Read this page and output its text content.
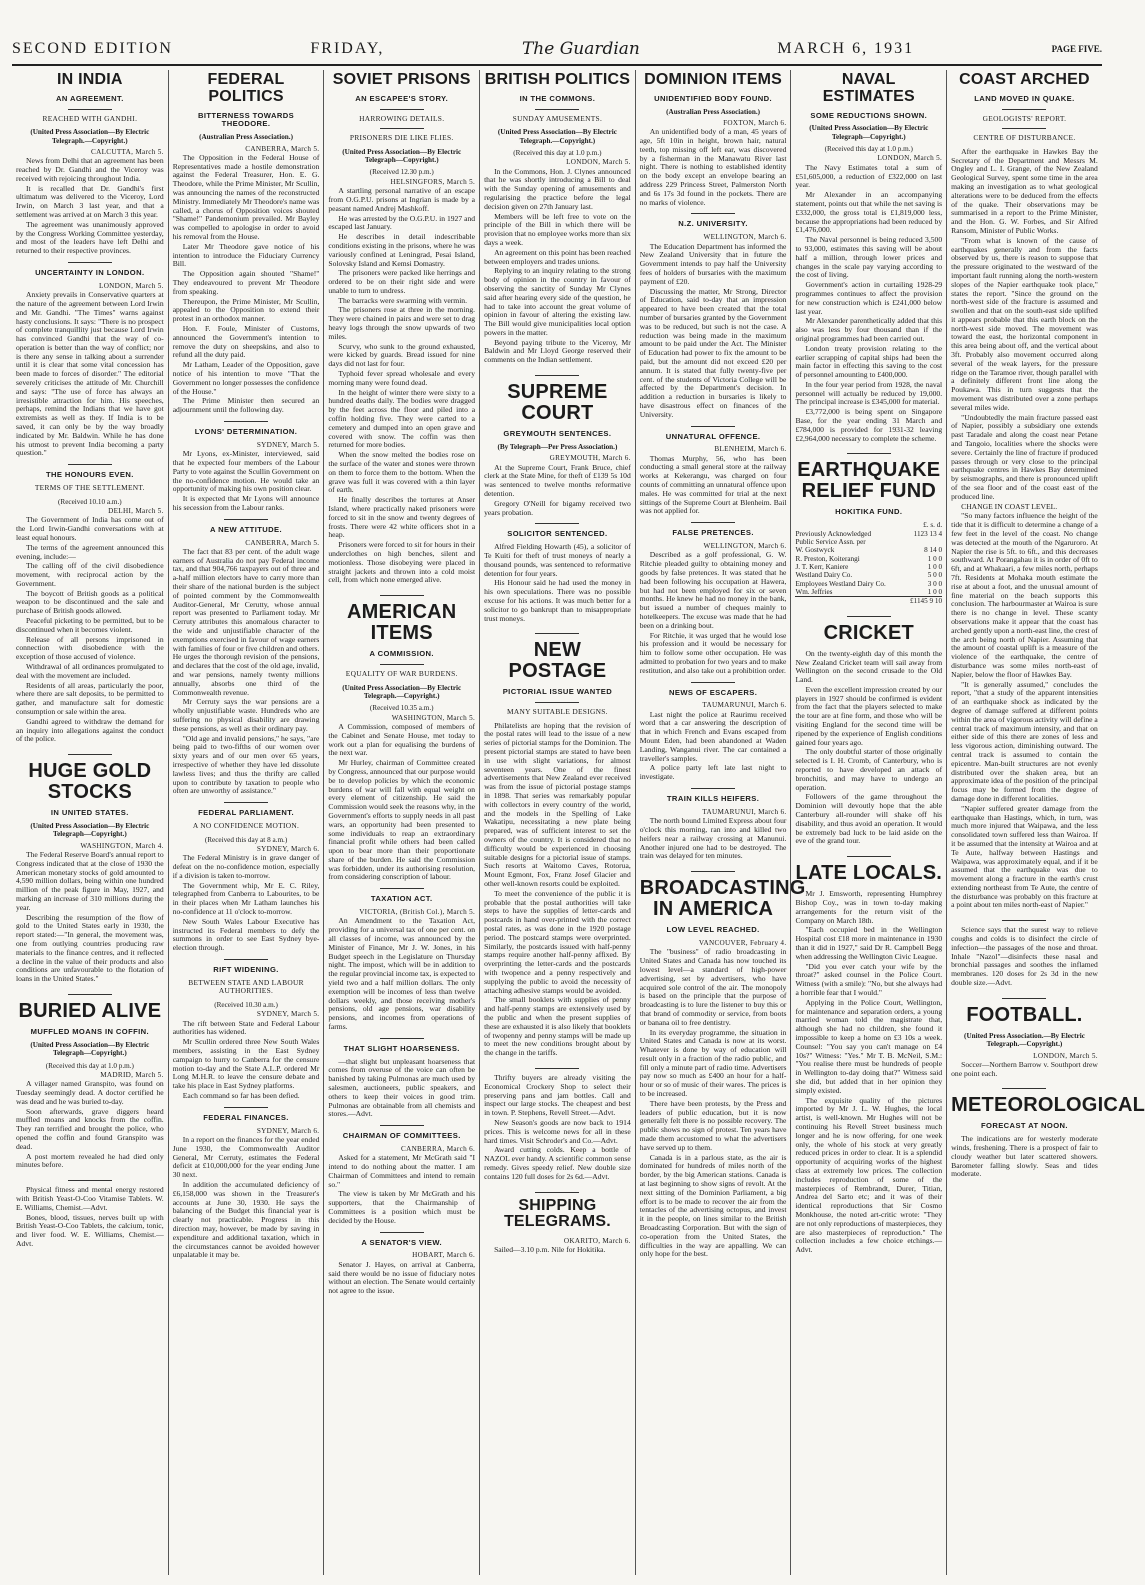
SECOND EDITION	FRIDAY,	The Guardian	MARCH 6, 1931	PAGE FIVE.
IN INDIA
AN AGREEMENT.
REACHED WITH GANDHI.
(United Press Association—By Electric Telegraph.—Copyright.)
CALCUTTA, March 5.

News from Delhi that an agreement has been reached by Dr. Gandhi and the Viceroy was received with rejoicing throughout India.

It is recalled that Dr. Gandhi's first ultimatum was delivered to the Viceroy, Lord Irwin, on March 3 last year, and that a settlement was arrived at on March 3 this year.

The agreement was unanimously approved by the Congress Working Committee yesterday, and most of the leaders have left Delhi and returned to their respective provinces.

UNCERTAINTY IN LONDON.
LONDON, March 5.

Anxiety prevails in Conservative quarters at the nature of the agreement between Lord Irwin and Mr. Gandhi. "The Times" warns against hasty conclusions. It says: "There is no prospect of complete tranquillity just because Lord Irwin has convinced Gandhi that the way of co-operation is better than the way of conflict; nor is there any sense in talking about a surrender until it is clear that some vital concession has been made to forces of disorder." The editorial severely criticises the attitude of Mr. Churchill and says: "The use of force has always an irresistible attraction for him. His speeches, perhaps, remind the Indians that we have got extremists as well as they. If India is to be saved, it can only be by the way broadly indicated by Mr. Baldwin. While he has done his utmost to prevent India becoming a party question."

THE HONOURS EVEN.
TERMS OF THE SETTLEMENT.
(Received 10.10 a.m.)
DELHI, March 5.

The Government of India has come out of the Lord Irwin-Gandhi conversations with at least equal honours.

The terms of the agreement announced this evening, include:—

The calling off of the civil disobedience movement, with reciprocal action by the Government.

The boycott of British goods as a political weapon to be discontinued and the sale and purchase of British goods allowed.

Peaceful picketing to be permitted, but to be discontinued when it becomes violent.

Release of all persons imprisoned in connection with disobedience with the exception of those accused of violence.

Withdrawal of all ordinances promulgated to deal with the movement are included.

Residents of all areas, particularly the poor, where there are salt deposits, to be permitted to gather, and manufacture salt for domestic consumption or sale within the area.

Gandhi agreed to withdraw the demand for an inquiry into allegations against the conduct of the police.

HUGE GOLD STOCKS
IN UNITED STATES.
(United Press Association—By Electric Telegraph—Copyright.)
WASHINGTON, March 4.

The Federal Reserve Board's annual report to Congress indicated that at the close of 1930 the American monetary stocks of gold amounted to 4,590 million dollars, being within one hundred million of the peak figure in May, 1927, and marking an increase of 310 millions during the year.

Describing the resumption of the flow of gold to the United States early in 1930, the report stated:—"In general, the movement was, one from outlying countries producing raw materials to the finance centres, and it reflected a decline in the value of their products and also conditions are unfavourable to the flotation of loans in the United States."

BURIED ALIVE
MUFFLED MOANS IN COFFIN.
(United Press Association—By Electric Telegraph—Copyright.)
(Received this day at 1.0 p.m.)
MADRID, March 5.

A villager named Granspito, was found on Tuesday seemingly dead. A doctor certified he was dead and he was buried to-day.

Soon afterwards, grave diggers heard muffled moans and knocks from the coffin. They ran terrified and brought the police, who opened the coffin and found Granspito was dead.

A post mortem revealed he had died only minutes before.

Physical fitness and mental energy restored with British Yeast-O-Coo Vitamise Tablets. W. E. Williams, Chemist.—Advt.

Bones, blood, tissues, nerves built up with British Yeast-O-Coo Tablets, the calcium, tonic, and liver food. W. E. Williams, Chemist.—Advt.

FEDERAL POLITICS
BITTERNESS TOWARDS THEODORE.
(Australian Press Association.)
CANBERRA, March 5.

The Opposition in the Federal House of Representatives made a hostile demonstration against the Federal Treasurer, Hon. E. G. Theodore, while the Prime Minister, Mr Scullin, was announcing the names of the reconstructed Ministry. Immediately Mr Theodore's name was called, a chorus of Opposition voices shouted "Shame!" Pandemonium prevailed. Mr Bayley was compelled to apologise in order to avoid his removal from the House.

Later Mr Theodore gave notice of his intention to introduce the Fiduciary Currency Bill.

The Opposition again shouted "Shame!" They endeavoured to prevent Mr Theodore from speaking.

Thereupon, the Prime Minister, Mr Scullin, appealed to the Opposition to extend their protest in an orthodox manner.

Hon. F. Foule, Minister of Customs, announced the Government's intention to remove the duty on sheepskins, and also to refund all the duty paid.

Mr Latham, Leader of the Opposition, gave notice of his intention to move "That the Government no longer possesses the confidence of the House."

The Prime Minister then secured an adjournment until the following day.

LYONS' DETERMINATION.
SYDNEY, March 5.

Mr Lyons, ex-Minister, interviewed, said that he expected four members of the Labour Party to vote against the Scullin Government on the no-confidence motion. He would take an opportunity of making his own position clear.

It is expected that Mr Lyons will announce his secession from the Labour ranks.

A NEW ATTITUDE.
CANBERRA, March 5.

The fact that 83 per cent. of the adult wage earners of Australia do not pay Federal income tax, and that 904,766 taxpayers out of three and a-half million electors have to carry more than their share of the national burden is the subject of pointed comment by the Commonwealth Auditor-General, Mr Cerutty, whose annual report was presented to Parliament today. Mr Cerruty attributes this anomalous character to the wide and unjustifiable character of the exemptions exercised in favour of wage earners with families of four or five children and others. He urges the thorough revision of the pensions, and declares that the cost of the old age, invalid, and war pensions, namely twenty millions annually, absorbs one third of the Commonwealth revenue.

Mr Cerruty says the war pensions are a wholly unjustifiable waste. Hundreds who are suffering no physical disability are drawing these pensions, as well as their ordinary pay.

"Old age and invalid pensions," he says, "are being paid to two-fifths of our women over sixty years and of our men over 65 years, irrespective of whether they have led dissolute lawless lives; and thus the thrifty are called upon to contribute by taxation to people who often are unworthy of assistance."

FEDERAL PARLIAMENT.
A NO CONFIDENCE MOTION.
(Received this day at 8 a.m.)
SYDNEY, March 6.

The Federal Ministry is in grave danger of defeat on the no-confidence motion, especially if a division is taken to-morrow.

The Government whip, Mr E. C. Riley, telegraphed from Canberra to Labourites, to be in their places when Mr Latham launches his no-confidence at 11 o'clock to-morrow.

New South Wales Labour Executive has instructed its Federal members to defy the summons in order to see East Sydney bye-election through.

RIFT WIDENING.
BETWEEN STATE AND LABOUR AUTHORITIES.
(Received 10.30 a.m.)
SYDNEY, March 5.

The rift between State and Federal Labour authorities has widened.

Mr Scullin ordered three New South Wales members, assisting in the East Sydney campaign to hurry to Canberra for the censure motion to-day and the State A.L.P. ordered Mr Long M.H.R. to leave the censure debate and take his place in East Sydney platforms.

Each command so far has been defied.

FEDERAL FINANCES.
SYDNEY, March 6.

In a report on the finances for the year ended June 1930, the Commonwealth Auditor General, Mr Cerruty, estimates the Federal deficit at £10,000,000 for the year ending June 30 next.

In addition the accumulated deficiency of £6,158,000 was shown in the Treasurer's accounts at June 30, 1930. He says the balancing of the Budget this financial year is clearly not practicable. Progress in this direction may, however, be made by saving in expenditure and additional taxation, which in the circumstances cannot be avoided however unpalatable it may be.

SOVIET PRISONS
AN ESCAPEE'S STORY.
HARROWING DETAILS.
PRISONERS DIE LIKE FLIES.
(United Press Association—By Electric Telegraph—Copyright.)
(Received 12.30 p.m.)
HELSINGFORS, March 5.

A startling personal narrative of an escape from O.G.P.U. prisons at Ingrian is made by a peasant named Andrej Mashkoff.

He was arrested by the O.G.P.U. in 1927 and escaped last January.

He describes in detail indescribable conditions existing in the prisons, where he was variously confined at Leningrad, Pesai Island, Solovsky Island and Kemsi Domastry.

The prisoners were packed like herrings and ordered to be on their right side and were unable to turn to undress.

The barracks were swarming with vermin.

The prisoners rose at three in the morning. They were chained in pairs and were set to drag heavy logs through the snow upwards of two miles.

Scurvy, who sunk to the ground exhausted, were kicked by guards. Bread issued for nine days did not last for four.

Typhoid fever spread wholesale and every morning many were found dead.

In the height of winter there were sixty to a hundred deaths daily. The bodies were dragged by the feet across the floor and piled into a coffin holding five. They were carted to a cemetery and dumped into an open grave and covered with snow. The coffin was then returned for more bodies.

When the snow melted the bodies rose on the surface of the water and stones were thrown on them to force them to the bottom. When the grave was full it was covered with a thin layer of earth.

He finally describes the tortures at Anser Island, where practically naked prisoners were forced to sit in the snow and twenty degrees of frosts. There were 42 white officers shot in a heap.

Prisoners were forced to sit for hours in their underclothes on high benches, silent and motionless. Those disobeying were placed in straight jackets and thrown into a cold moist cell, from which none emerged alive.

AMERICAN ITEMS
A COMMISSION.
EQUALITY OF WAR BURDENS.
(United Press Association—By Electric Telegraph.—Copyright.)
(Received 10.35 a.m.)
WASHINGTON, March 5.

A Commission, composed of members of the Cabinet and Senate House, met today to work out a plan for equalising the burdens of the next war.

Mr Hurley, chairman of Committee created by Congress, announced that our purpose would be to develop policies by which the economic burdens of war will fall with equal weight on every element of citizenship. He said the Commission would seek the reasons why, in the Government's efforts to supply needs in all past wars, an opportunity had been presented to some individuals to reap an extraordinary financial profit while others had been called upon to bear more than their proportionate share of the burden. He said the Commission was forbidden, under its authorising resolution, from considering conscription of labour.

TAXATION ACT.
VICTORIA, (British Col.), March 5.

An Amendment to the Taxation Act, providing for a universal tax of one per cent. on all classes of income, was announced by the Minister of Finance, Mr J. W. Jones, in his Budget speech in the Legislature on Thursday night. The impost, which will be in addition to the regular provincial income tax, is expected to yield two and a half million dollars. The only exemption will be incomes of less than twelve dollars weekly, and those receiving mother's pensions, old age pensions, war disability pensions, and incomes from operations of farms.

THAT SLIGHT HOARSENESS.

—that slight but unpleasant hoarseness that comes from overuse of the voice can often be banished by taking Pulmonas are much used by salesmen, auctioneers, public speakers, and others to keep their voices in good trim. Pulmonas are obtainable from all chemists and stores.—Advt.

CHAIRMAN OF COMMITTEES.
CANBERRA, March 6.

Asked for a statement, Mr McGrath said "I intend to do nothing about the matter. I am Chairman of Committees and intend to remain so."

The view is taken by Mr McGrath and his supporters, that the Chairmanship of Committees is a position which must be decided by the House.

A SENATOR'S VIEW.
HOBART, March 6.

Senator J. Hayes, on arrival at Canberra, said there would be no issue of fiduciary notes without an election. The Senate would certainly not agree to the issue.

BRITISH POLITICS
IN THE COMMONS.
SUNDAY AMUSEMENTS.
(United Press Association—By Electric Telegraph.—Copyright.)
(Received this day at 1.0 p.m.)
LONDON, March 5.

In the Commons, Hon. J. Clynes announced that he was shortly introducing a Bill to deal with the Sunday opening of amusements and regularising the practice before the legal decision given on 27th January last.

Members will be left free to vote on the principle of the Bill in which there will be provision that no employee works more than six days a week.

An agreement on this point has been reached between employers and trades unions.

Replying to an inquiry relating to the strong body of opinion in the country in favour of observing the sanctity of Sunday Mr Clynes said after hearing every side of the question, he had to take into account the great volume of opinion in favour of altering the existing law. The Bill would give municipalities local option powers in the matter.

Beyond paying tribute to the Viceroy, Mr Baldwin and Mr Lloyd George reserved their comments on the Indian settlement.

SUPREME COURT
GREYMOUTH SENTENCES.
(By Telegraph—Per Press Association.)
GREYMOUTH, March 6.

At the Supreme Court, Frank Bruce, chief clerk at the State Mine, for theft of £139 5s 10d was sentenced to twelve months reformative detention.

Gregory O'Neill for bigamy received two years probation.

SOLICITOR SENTENCED.

Alfred Fielding Howarth (45), a solicitor of Te Kuiti for theft of trust moneys of nearly a thousand pounds, was sentenced to reformative detention for four years.

His Honour said he had used the money in his own speculations. There was no possible excuse for his actions. It was much better for a solicitor to go bankrupt than to misappropriate trust moneys.

NEW POSTAGE
PICTORIAL ISSUE WANTED
MANY SUITABLE DESIGNS.

Philatelists are hoping that the revision of the postal rates will lead to the issue of a new series of pictorial stamps for the Dominion. The present pictorial stamps are stated to have been in use with slight variations, for almost seventeen years. One of the finest advertisements that New Zealand ever received was from the issue of pictorial postage stamps in 1898. That series was remarkably popular with collectors in every country of the world, and the models in the Spelling of Lake Wakatipu, necessitating a new plate being prepared, was of sufficient interest to set the owners of the country. It is considered that no difficulty would be experienced in choosing suitable designs for a pictorial issue of stamps. Such resorts at Waitomo Caves, Rotorua, Mount Egmont, Fox, Franz Josef Glacier and other well-known resorts could be exploited.

To meet the convenience of the public it is probable that the postal authorities will take steps to have the supplies of letter-cards and postcards in hand over-printed with the correct postal rates, as was done in the 1920 postage period. The postcard stamps were overprinted. Similarly, the postcards issued with half-penny stamps require another half-penny affixed. By overprinting the letter-cards and the postcards with twopence and a penny respectively and supplying the public to avoid the necessity of attaching adhesive stamps would be avoided.

The small booklets with supplies of penny and half-penny stamps are extensively used by the public and when the present supplies of these are exhausted it is also likely that booklets of twopenny and penny stamps will be made up to meet the new conditions brought about by the change in the tariffs.

Thrifty buyers are already visiting the Economical Crockery Shop to select their preserving pans and jam bottles. Call and inspect our large stocks. The cheapest and best in town. P. Stephens, Revell Street.—Advt.

New Season's goods are now back to 1914 prices. This is welcome news for all in these hard times. Visit Schroder's and Co.—Advt.

Award cutting colds. Keep a bottle of NAZOL ever handy. A scientific common sense remedy. Gives speedy relief. New double size contains 120 full doses for 2s 6d.—Advt.

SHIPPING TELEGRAMS.
OKARITO, March 6.

Sailed—3.10 p.m. Nile for Hokitika.

DOMINION ITEMS
UNIDENTIFIED BODY FOUND.
(Australian Press Association.)
FOXTON, March 6.

An unidentified body of a man, 45 years of age, 5ft 10in in height, brown hair, natural teeth, top missing off left ear, was discovered by a fisherman in the Manawatu River last night. There is nothing to established identity on the body except an envelope bearing an address 229 Princess Street, Palmerston North and 6s 17s 3d found in the pockets. There are no marks of violence.

N.Z. UNIVERSITY.
WELLINGTON, March 6.

The Education Department has informed the New Zealand University that in future the Government intends to pay half the University fees of holders of bursaries with the maximum payment of £20.

Discussing the matter, Mr Strong, Director of Education, said to-day that an impression appeared to have been created that the total number of bursaries granted by the Government was to be reduced, but such is not the case. A reduction was being made in the maximum amount to be paid under the Act. The Minister of Education had power to fix the amount to be paid, but the amount did not exceed £20 per annum. It is stated that fully twenty-five per cent. of the students of Victoria College will be affected by the Department's decision. In addition a reduction in bursaries is likely to have disastrous effect on finances of the University.

UNNATURAL OFFENCE.
BLENHEIM, March 6.

Thomas Murphy, 56, who has been conducting a small general store at the railway works at Kekerangu, was charged on four counts of committing an unnatural offence upon males. He was committed for trial at the next sittings of the Supreme Court at Blenheim. Bail was not applied for.

FALSE PRETENCES.
WELLINGTON, March 6.

Described as a golf professional, G. W. Ritchie pleaded guilty to obtaining money and goods by false pretences. It was stated that he had been following his occupation at Hawera, but had not been employed for six or seven months. He knew he had no money in the bank, but issued a number of cheques mainly to hotelkeepers. The excuse was made that he had been on a drinking bout.

For Ritchie, it was urged that he would lose his profession and it would be necessary for him to follow some other occupation. He was admitted to probation for two years and to make restitution, and also take out a prohibition order.

NEWS OF ESCAPERS.
TAUMARUNUI, March 6.

Last night the police at Raurimu received word that a car answering the description of that in which French and Evans escaped from Mount Eden, had been abandoned at Waden Landing, Wanganui river. The car contained a traveller's samples.

A police party left late last night to investigate.

TRAIN KILLS HEIFERS.
TAUMARUNUI, March 6.

The north bound Limited Express about four o'clock this morning, ran into and killed two heifers near a railway crossing at Manunui. Another injured one had to be destroyed. The train was delayed for ten minutes.

BROADCASTING IN AMERICA
LOW LEVEL REACHED.
VANCOUVER, February 4.

The "business" of radio broadcasting in United States and Canada has now touched its lowest level—a standard of high-power advertising, set by advertisers, who have acquired sole control of the air. The monopoly is based on the principle that the purpose of broadcasting is to lure the listener to buy this or that brand of commodity or service, from boots or banana oil to free dentistry.

In its everyday programme, the situation in United States and Canada is now at its worst. Whatever is done by way of education will result only in a fraction of the radio public, and fill only a minute part of radio time. Advertisers pay now so much as £400 an hour for a half-hour or so of music of their wares. The prices is to be increased.

There have been protests, by the Press and leaders of public education, but it is now generally felt there is no possible recovery. The public shows no sign of protest. Ten years have made them accustomed to what the advertisers have served up to them.

Canada is in a parlous state, as the air is dominated for hundreds of miles north of the border, by the big American stations. Canada is at last beginning to show signs of revolt. At the next sitting of the Dominion Parliament, a big effort is to be made to recover the air from the tentacles of the advertising octopus, and invest it in the people, on lines similar to the British Broadcasting Corporation. But with the sign of co-operation from the United States, the difficulties in the way are appalling. We can only hope for the best.

NAVAL ESTIMATES
SOME REDUCTIONS SHOWN.
(United Press Association—By Electric Telegraph—Copyright.)
(Received this day at 1.0 p.m.)
LONDON, March 5.

The Navy Estimates total a sum of £51,605,000, a reduction of £322,000 on last year.

Mr Alexander in an accompanying statement, points out that while the net saving is £332,000, the gross total is £1,819,000 less, because the appropriations had been reduced by £1,476,000.

The Naval personnel is being reduced 3,500 to 93,000, estimates this saving will be about half a million, through lower prices and changes in the scale pay varying according to the cost of living.

Government's action in curtailing 1928-29 programmes continues to affect the provision for new construction which is £241,000 below last year.

Mr Alexander parenthetically added that this also was less by four thousand than if the original programmes had been carried out.

London treaty provision relating to the earlier scrapping of capital ships had been the main factor in effecting this saving to the cost of personnel amounting to £400,000.

In the four year period from 1928, the naval personnel will actually be reduced by 19,000. The principal increase is £345,000 for material.

£3,772,000 is being spent on Singapore Base, for the year ending 31 March and £784,000 is provided for 1931-32 leaving £2,964,000 necessary to complete the scheme.

EARTHQUAKE RELIEF FUND
HOKITIKA FUND.
	£. s. d.
Previously Acknowledged	1123 13 4
Public Service Assn. per	
W. Gostwyck	8 14 0
R. Preston, Koiterangi	1 0 0
J. T. Kerr, Kaniere	1 0 0
Westland Dairy Co.	5 0 0
Employees Westland Dairy Co.	3 0 0
Wm. Jeffries	1 0 0
	£1145 9 10
CRICKET

On the twenty-eighth day of this month the New Zealand Cricket team will sail away from Wellington on the second crusade to the Old Land.

Even the excellent impression created by our players in 1927 should be confirmed is evident from the fact that the players selected to make the tour are at fine form, and those who will be visiting England for the second time will be ripened by the experience of English conditions gained four years ago.

The only doubtful starter of those originally selected is I. H. Cromb, of Canterbury, who is reported to have developed an attack of bronchitis, and may have to undergo an operation.

Followers of the game throughout the Dominion will devoutly hope that the able Canterbury all-rounder will shake off his disability, and thus avoid an operation. It would be extremely bad luck to be laid aside on the eve of the grand tour.

LATE LOCALS.

Mr J. Emsworth, representing Humphrey Bishop Coy., was in town to-day making arrangements for the return visit of the Company on March 18th.

"Each occupied bed in the Wellington Hospital cost £18 more in maintenance in 1930 than it did in 1927," said Dr R. Campbell Begg when addressing the Wellington Civic League.

"Did you ever catch your wife by the throat?" asked counsel in the Police Court. Witness (with a smile): "No, but she always had a horrible fear that I would."

Applying in the Police Court, Wellington, for maintenance and separation orders, a young married woman told the magistrate that, although she had no children, she found it impossible to keep a home on £3 10s a week. Counsel: "You say you can't manage on £4 10s?" Witness: "Yes." Mr T. B. McNeil, S.M.: "You realise there must be hundreds of people in Wellington to-day doing that?" Witness said she did, but added that in her opinion they simply existed.

The exquisite quality of the pictures imported by Mr J. L. W. Hughes, the local artist, is well-known. Mr Hughes will not be continuing his Revell Street business much longer and he is now offering, for one week only, the whole of his stock at very greatly reduced prices in order to clear. It is a splendid opportunity of acquiring works of the highest class at extremely low prices. The collection includes reproduction of some of the masterpieces of Rembrandt, Durer, Titian, Andrea del Sarto etc; and it was of their identical reproductions that Sir Cosmo Monkhouse, the noted art-critic wrote: "They are not only reproductions of masterpieces, they are also masterpieces of reproduction." The collection includes a few choice etchings.—Advt.

COAST ARCHED
LAND MOVED IN QUAKE.
GEOLOGISTS' REPORT.
CENTRE OF DISTURBANCE.

After the earthquake in Hawkes Bay the Secretary of the Department and Messrs M. Ongley and L. I. Grange, of the New Zealand Geological Survey, spent some time in the area making an investigation as to what geological alterations were to be deduced from the effects of the quake. Their observations may be summarised in a report to the Prime Minister, and the Hon. G. W. Forbes, and Sir Alfred Ransom, Minister of Public Works.

"From what is known of the cause of earthquakes generally and from the facts observed by us, there is reason to suppose that the pressure originated to the westward of the important fault running along the north-western slopes of the Napier earthquake took place," states the report. "Since the ground on the north-west side of the fracture is assumed and swollen and that on the south-east side uplifted it appears probable that this earth block on the north-west side moved. The movement was toward the east, the horizontal component in this area being about off, and the vertical about 3ft. Probably also movement occurred along several of the weak layers, for the pressure ridge on the Taramoe river, though parallel with a definitely different front line along the Poukawa. This in turn suggests that the movement was distributed over a zone perhaps several miles wide.

"Undoubtedly the main fracture passed east of Napier, possibly a subsidiary one extends past Taradale and along the coast near Petane and Tangoio, localities where the shocks were severe. Certainly the line of fracture if produced passes through or very close to the principal earthquake centres in Hawkes Bay determined by seismographs, and there is pronounced uplift of the sea floor and of the coast east of the produced line.

CHANGE IN COAST LEVEL.

"So many factors influence the height of the tide that it is difficult to determine a change of a few feet in the level of the coast. No change was detected at the mouth of the Ngaruroro. At Napier the rise is 5ft. to 6ft., and this decreases southward. At Porangahau it is in order of 0ft to 6ft, and at Whakaari, a few miles north, perhaps 7ft. Residents at Mohaka mouth estimate the rise at about a foot, and the unusual amount of fine material on the beach supports this conclusion. The harbourmaster at Wairoa is sure there is no change in level. These scanty observations make it appear that the coast has arched gently upon a north-east line, the crest of the arch being north of Napier. Assuming that the amount of coastal uplift is a measure of the violence of the earthquake, the centre of disturbance was some miles north-east of Napier, below the floor of Hawkes Bay.

"It is generally assumed," concludes the report, "that a study of the apparent intensities of an earthquake shock as indicated by the degree of damage suffered at different points within the area of vigorous activity will define a central track of maximum intensity, and that on either side of this there are zones of less and less vigorous action, diminishing outward. The central track is assumed to contain the epicentre. Man-built structures are not evenly distributed over the shaken area, but an approximate idea of the position of the principal focus may be formed from the degree of damage done in different localities.

"Napier suffered greater damage from the earthquake than Hastings, which, in turn, was much more injured that Waipawa, and the less consolidated town suffered less than Wairoa. If it be assumed that the intensity at Wairoa and at Te Aute, halfway between Hastings and Waipawa, was approximately equal, and if it be assumed that the earthquake was due to movement along a fracture in the earth's crust extending northeast from Te Aute, the centre of the disturbance was probably on this fracture at a point about ten miles north-east of Napier."

Science says that the surest way to relieve coughs and colds is to disinfect the circle of infection—the passages of the nose and throat. Inhale "Nazol"—disinfects these nasal and bronchial passages and soothes the inflamed membranes. 120 doses for 2s 3d in the new double size.—Advt.

FOOTBALL.
(United Press Association.—By Electric Telegraph.—Copyright.)
LONDON, March 5.

Soccer—Northern Barrow v. Southport drew one point each.

METEOROLOGICAL
FORECAST AT NOON.

The indications are for westerly moderate winds, freshening. There is a prospect of fair to cloudy weather but later scattered showers. Barometer falling slowly. Seas and tides moderate.
